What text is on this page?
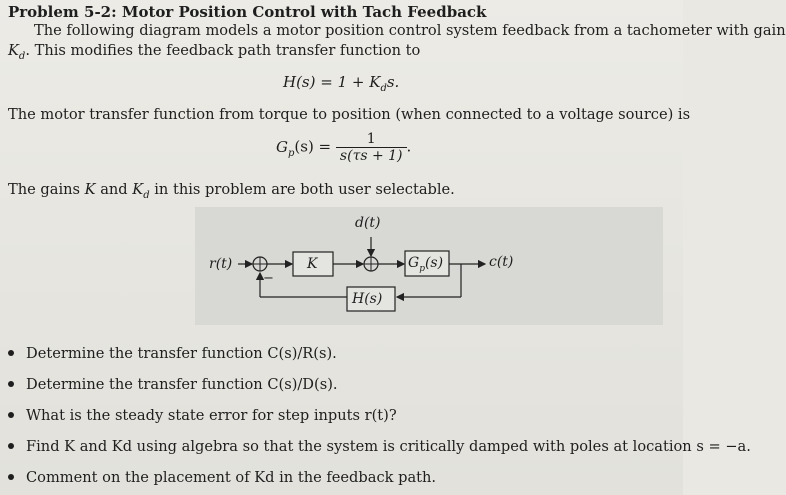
Problem 5-2: Motor Position Control with Tach Feedback
The following diagram models a motor position control system feedback from a tachometer with gain
$K_d$. This modifies the feedback path transfer function to
$H(s) = 1 + K_ds$.
The motor transfer function from torque to position (when connected to a voltage source) is
$G_p(s) = \frac{1}{s(\tau s + 1)}$ .
The gains K and $K_d$ in this problem are both user selectable.
d(t)
r(t)	K	$G_p(s)$	c(t)
H(s)
−
Determine the transfer function C(s)/R(s).
Determine the transfer function C(s)/D(s).
What is the steady state error for step inputs r(t)?
Find K and Kd using algebra so that the system is critically damped with poles at location s = −a.
Comment on the placement of Kd in the feedback path.
